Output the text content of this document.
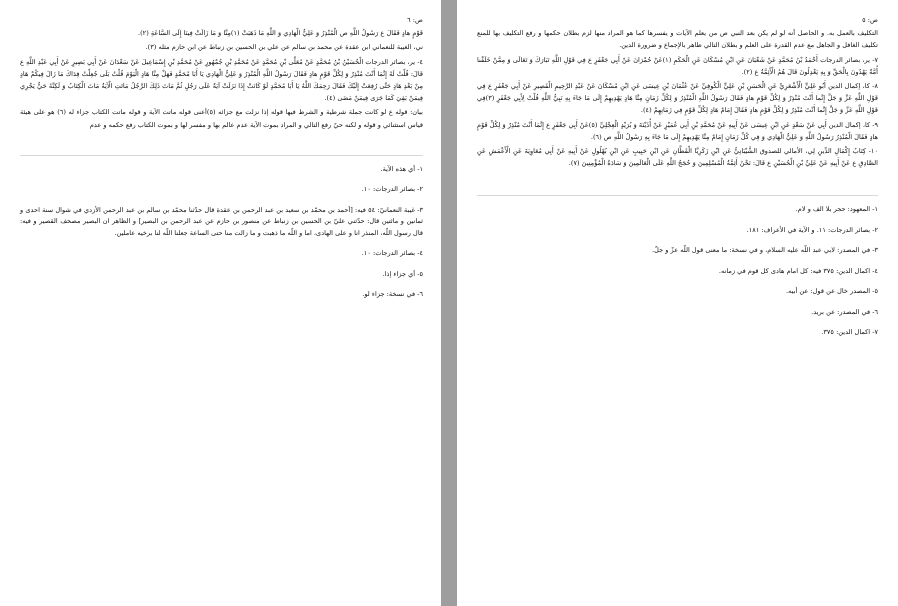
ص: ٥

التكليف بالعمل به. و الحاصل أنه لو لم يكن بعد النبي ص من يعلم الآيات و يفسرها كما هو المراد منها لزم بطلان حكمها و رفع التكليف بها للمنع تكليف الغافل و الجاهل مع عدم القدرة على العلم و بطلان التالي ظاهر بالإجماع و ضرورة الدين.

٧- ير، بصائر الدرجات أَحْمَدُ بْنُ مُحَمَّدٍ عَنْ شَعْبَانَ عَنِ ابْنِ مُسْكَانَ عَنِ الْحَكَمِ (١)عَنْ حُمْرَانَ عَنْ أَبِي جَعْفَرٍ ع فِي قَوْلِ اللَّهِ تَبَارَكَ وَ تَعَالَى وَ مِمَّنْ خَلَقْنا أُمَّةٌ يَهْدُونَ بِالْحَقِّ وَ بِهِ يَعْدِلُونَ قَالَ هُمُ الْأَئِمَّةُ ع (٢).

٨- كا، إكمال الدين أَبُو عَلِيٍّ الْأَشْعَرِيِّ عَنِ الْحَسَنِ بْنِ عَلِيٍّ الْكُوفِيِّ عَنْ عُثْمَانَ بْنِ عِيسَى عَنِ ابْنِ مُسْكَانَ عَنْ عَبْدِ الرَّحِيمِ الْقَصِيرِ عَنْ أَبِي جَعْفَرٍ ع فِي قَوْلِ اللَّهِ عَزَّ وَ جَلَّ إِنَّما أَنْتَ مُنْذِرٌ وَ لِكُلِّ قَوْمٍ هادٍ فَقَالَ رَسُولُ اللَّهِ الْمُنْذِرُ وَ لِكُلِّ زَمَانٍ مِنَّا هَادٍ يَهْدِيهِمْ إِلَى مَا جَاءَ بِهِ نَبِيُّ اللَّهِ قُلْتُ لِأَبِي جَعْفَرٍ (٣)فِي قَوْلِ اللَّهِ عَزَّ وَ جَلَّ إِنَّما أَنْتَ مُنْذِرٌ وَ لِكُلِّ قَوْمٍ هادٍ فَقَالَ إِمَامٌ هَادٍ لِكُلِّ قَوْمٍ فِي زَمَانِهِمْ (٤).

٩- كا، إكمال الدين أَبِي عَنْ سَعْدٍ عَنِ ابْنِ عِيسَى عَنْ أَبِيهِ عَنْ مُحَمَّدِ بْنِ أَبِي عُمَيْرٍ عَنْ أُذَيْنَةَ وَ بُرَيْدٍ الْعِجْلِيِّ (٥)عَنْ أَبِي جَعْفَرٍ ع إِنَّمَا أَنْتَ مُنْذِرٌ وَ لِكُلِّ قَوْمٍ هادٍ فَقَالَ الْمُنْذِرُ رَسُولُ اللَّهِ وَ عَلِيٌّ الْهَادِي وَ فِي كُلِّ زَمَانٍ إِمَامٌ مِنَّا يَهْدِيهِمْ إِلَى مَا جَاءَ بِهِ رَسُولُ اللَّهِ ص (٦).

١٠- كِتَابُ إِكْمَالِ الدِّينِ لِي، الأمالي للصدوق الشَّيْبَانِيُّ عَنِ ابْنِ زَكَرِيَّا الْقَطَّانِ عَنِ ابْنِ حَبِيبٍ عَنِ ابْنِ بُهْلُولٍ عَنْ أَبِيهِ عَنْ أَبِي مُعَاوِيَةَ عَنِ الْأَعْمَشِ عَنِ الصَّادِقِ ع عَنْ أَبِيهِ عَنْ عَلِيِّ بْنِ الْحُسَيْنِ ع قَالَ: نَحْنُ أَئِمَّةُ الْمُسْلِمِينَ وَ حُجَجُ اللَّهِ عَلَى الْعَالَمِينَ وَ سَادَةُ الْمُؤْمِنِينَ (٧).

١- المعهود: حجر بلا الف و لام.

٢- بصائر الدرجات: ١١. و الآية في الأعراف: ١٨١.

٣- في المصدر: لابي عبد اللّه عليه السلام، و في نسخة: ما معنى قول اللّه عزّ و جلّ.

٤- اكمال الدين: ٣٧٥ فيه: كل امام هادى كل قوم في زمانه.

٥- المصدر خال عن قول: عن أبيه.

٦- في المصدر: عن بريد.

٧- اكمال الدين: ٣٧٥.

ص: ٦

قَوْمٍ هادٍ فَقَالَ ع رَسُولُ اللَّهِ ص الْمُنْذِرُ وَ عَلِيٌّ الْهَادِي وَ اللَّهِ مَا ذَهَبَتْ (١)مِنَّا وَ مَا زَالَتْ فِينَا إِلَى السَّاعَةِ (٢).

ني، الغيبة للنعماني ابن عقدة عن محمد بن سالم عن علي بن الحسين بن زنباط عن ابن حازم مثله (٣).

٤- ير، بصائر الدرجات الْحُسَيْنُ بْنُ مُحَمَّدٍ عَنْ مُعَلَّى بْنِ مُحَمَّدٍ عَنْ مُحَمَّدِ بْنِ جُمْهُورٍ عَنْ مُحَمَّدِ بْنِ إِسْمَاعِيلَ عَنْ سَعْدَانَ عَنْ أَبِي بَصِيرٍ عَنْ أَبِي عَبْدِ اللَّهِ ع قَالَ: قُلْتُ لَهُ إِنَّمَا أَنْتَ مُنْذِرٌ وَ لِكُلِّ قَوْمٍ هادٍ فَقَالَ رَسُولُ اللَّهِ الْمُنْذِرُ وَ عَلِيٌّ الْهَادِي يَا أَبَا مُحَمَّدٍ فَهَلْ مِنَّا هَادٍ الْيَوْمَ قُلْتُ بَلَى جُعِلْتُ فِدَاكَ مَا زَالَ فِيكُمْ هَادٍ مِنْ بَعْدِ هَادٍ حَتَّى رُفِعَتْ إِلَيْكَ فَقَالَ رَحِمَكَ اللَّهُ يَا أَبَا مُحَمَّدٍ لَوْ كَانَتْ إِذَا نَزَلَتْ آيَةٌ عَلَى رَجُلٍ ثُمَّ مَاتَ ذَلِكَ الرَّجُلُ مَاتَتِ الْآيَةُ مَاتَ الْكِتَابُ وَ لَكِنَّهُ حَيٌّ يَجْرِي فِيمَنْ بَقِيَ كَمَا جَرَى فِيمَنْ مَضَى (٤).

بيان: قوله ع لو كانت جملة شرطية و الشرط فيها قوله إذا نزلت مع جزائه (٥)أعنى قوله ماتت الآية و قوله ماتت الكتاب جزاء له (٦) هو على هيئة قياس استثنائي و قوله و لكنه حيّ رفع التالي و المراد بموت الآية عدم عالم بها و مفسر لها و بموت الكتاب رفع حكمه و عدم

١- أي هذه الآية.

٢- بصائر الدرجات: ١٠.

٣- غيبة النعمانيّ: ٥٤ فيه: [أحمد بن محمّد بن سعيد بن عبد الرحمن بن عقدة قال حدّثنا محمّد بن سالم بن عبد الرحمن الأزدي في شوال سنة احدى و ثمانين و مائتين قال: حدّثني عليّ بن الحسين بن زنباط عن منصور بن حازم عن عبد الرحمن بن البصير] و الظاهر ان البصير مصحف القصير و فيه: قال رسول اللّه، المنذر انا و على الهادى، اما و اللّه ما ذهبت و ما زالت منا حتى الساعة جعلنا اللّه لنا برخيه عاملين.

٤- بصائر الدرجات: ١٠.

٥- أي جزاء إذا.

٦- في نسخة: جزاء لو.
